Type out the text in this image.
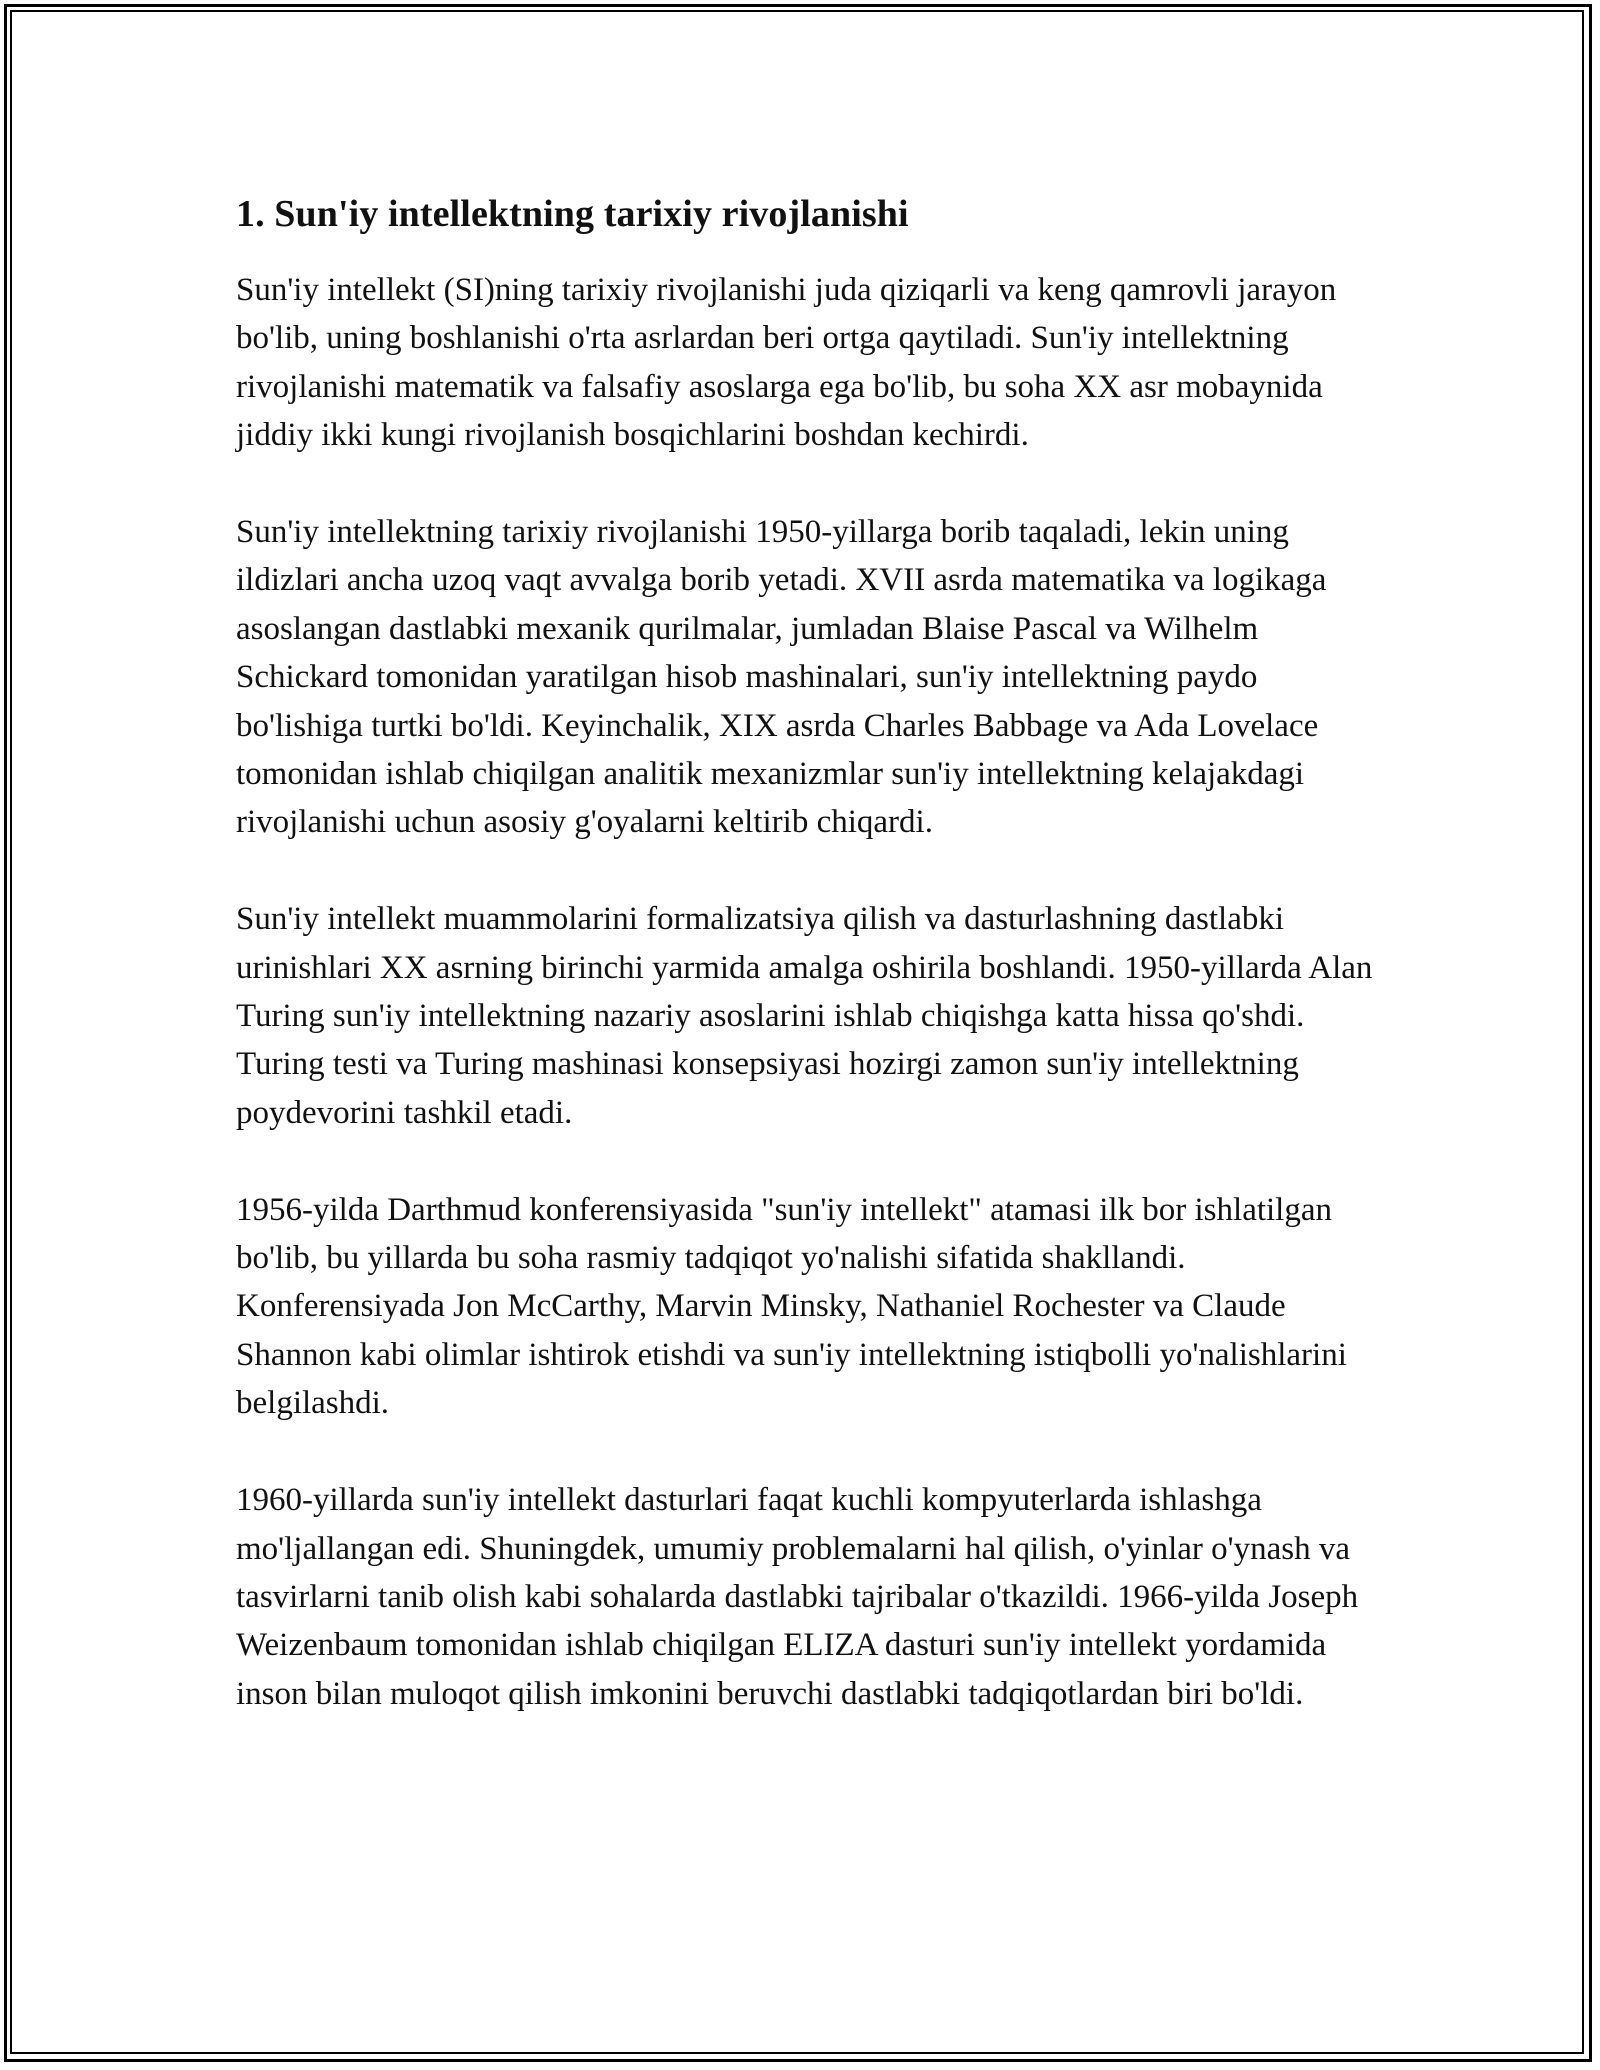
1. Sun'iy intellektning tarixiy rivojlanishi

Sun'iy intellekt (SI)ning tarixiy rivojlanishi juda qiziqarli va keng qamrovli jarayon bo'lib, uning boshlanishi o'rta asrlardan beri ortga qaytiladi. Sun'iy intellektning rivojlanishi matematik va falsafiy asoslarga ega bo'lib, bu soha XX asr mobaynida jiddiy ikki kungi rivojlanish bosqichlarini boshdan kechirdi.

Sun'iy intellektning tarixiy rivojlanishi 1950-yillarga borib taqaladi, lekin uning ildizlari ancha uzoq vaqt avvalga borib yetadi. XVII asrda matematika va logikaga asoslangan dastlabki mexanik qurilmalar, jumladan Blaise Pascal va Wilhelm Schickard tomonidan yaratilgan hisob mashinalari, sun'iy intellektning paydo bo'lishiga turtki bo'ldi. Keyinchalik, XIX asrda Charles Babbage va Ada Lovelace tomonidan ishlab chiqilgan analitik mexanizmlar sun'iy intellektning kelajakdagi rivojlanishi uchun asosiy g'oyalarni keltirib chiqardi.

Sun'iy intellekt muammolarini formalizatsiya qilish va dasturlashning dastlabki urinishlari XX asrning birinchi yarmida amalga oshirila boshlandi. 1950-yillarda Alan Turing sun'iy intellektning nazariy asoslarini ishlab chiqishga katta hissa qo'shdi. Turing testi va Turing mashinasi konsepsiyasi hozirgi zamon sun'iy intellektning poydevorini tashkil etadi.

1956-yilda Darthmud konferensiyasida "sun'iy intellekt" atamasi ilk bor ishlatilgan bo'lib, bu yillarda bu soha rasmiy tadqiqot yo'nalishi sifatida shakllandi. Konferensiyada Jon McCarthy, Marvin Minsky, Nathaniel Rochester va Claude Shannon kabi olimlar ishtirok etishdi va sun'iy intellektning istiqbolli yo'nalishlarini belgilashdi.

1960-yillarda sun'iy intellekt dasturlari faqat kuchli kompyuterlarda ishlashga mo'ljallangan edi. Shuningdek, umumiy problemalarni hal qilish, o'yinlar o'ynash va tasvirlarni tanib olish kabi sohalarda dastlabki tajribalar o'tkazildi. 1966-yilda Joseph Weizenbaum tomonidan ishlab chiqilgan ELIZA dasturi sun'iy intellekt yordamida inson bilan muloqot qilish imkonini beruvchi dastlabki tadqiqotlardan biri bo'ldi.
